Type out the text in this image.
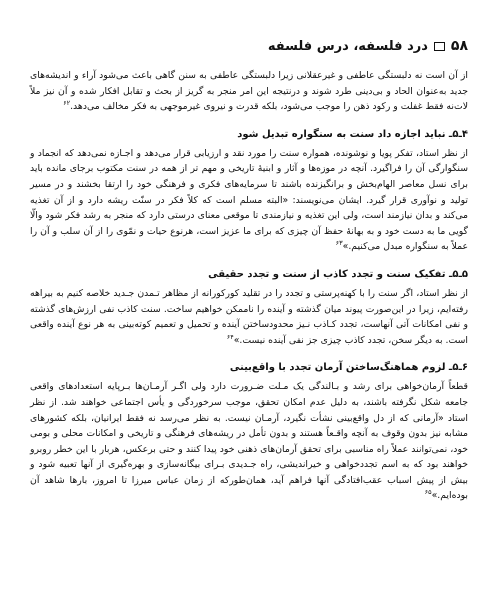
۵۸
درد فلسفه، درس فلسفه

از آن است نه دلبستگی عاطفی و غیرعقلانی زیرا دلبستگی عاطفی به سنن گاهی باعث می‌شود آراء و اندیشه‌های جدید به‌عنوان الحاد و بی‌دینی طرد شوند و درنتیجه این امر منجر به گریز از بحث و تقابل افکار شده و آن نیز ملاً لا‌ت‌نه فقط غفلت و رکود ذهن را موجب می‌شود، بلکه قدرت و نیروی غیرموجهی به فکر مخالف می‌دهد.$^{۶۲}$

۴ـ۵ـ نباید اجازه داد سنت به سنگواره تبدیل شود

از نظر استاد، تفکر پویا و نوشونده، همواره سنت را مورد نقد و ارزیابی قرار می‌دهد و اجـازه نمی‌دهد که انجماد و سنگوارگی آن را فراگیرد. آنچه در موزه‌ها و آثار و ابنیهٔ تاریخی و مهم تر از همه در سنت مکتوب برجای مانده باید برای نسل معاصر الهام‌بخش و برانگیزنده باشند تا سرمایه‌های فکری و فرهنگی خود را ارتقا بخشند و در مسیر تولید و نوآوری قرار گیرد. ایشان می‌نویسند: «البته مسلم است که کلاً فکر در سنّت ریشه دارد و از آن تغذیه می‌کند و بدان نیازمند است، ولی این تغذیه و نیازمندی تا موقعی معنای درستی دارد که منجر به رشد فکر شود والّا گویی ما به دست خود و به بهانهٔ حفظ آن چیزی که برای ما عزیز است، هرنوع حیات و نمّوی را از آن سلب و آن را عملاً به سنگواره مبدل می‌کنیم.»$^{۶۳}$

۵ـ۵ـ تفکیک سنت و تجدد کاذب از سنت و تجدد حقیقی

از نظر استاد، اگر سنت را با کهنه‌پرستی و تجدد را در تقلید کورکورانه از مظاهر تـمدن جـدید خلاصه کنیم به بیراهه رفته‌ایم، زیرا در این‌صورت پیوند میان گذشته و آینده را ناممکن خواهیم ساخت. سنت کاذب نفی ارزش‌های گذشته و نفی امکانات آتی آنهاست، تجدد کـاذب نـیز محدودساختن آینده و تحمیل و تعمیم کوته‌بینی به هر نوع آینده واقعی است. به دیگر سخن، تجدد کاذب چیزی جز نفی آینده نیست.»$^{۶۴}$

۶ـ۵ـ لزوم هماهنگ‌ساختن آرمان تجدد با واقع‌بینی

قطعاً آرمان‌خواهی برای رشد و بـالندگی یک مـلت ضـرورت دارد ولی اگـر آرمـان‌ها بـرپایه استعدادهای واقعی جامعه شکل نگرفته باشند، به دلیل عدم امکان تحقق، موجب سرخوردگی و یأس اجتماعی خواهند شد. از نظر استاد «آرمانی که از دل واقع‌بینی نشأت نگیرد، آرمـان نیست. به نظر می‌رسد نه فقط ایرانیان، بلکه کشورهای مشابه نیز بدون وقوف به آنچه واقـعاً هستند و بدون تأمل در ریشه‌های فرهنگی و تاریخی و امکانات محلی و بومی خود، نمی‌توانند عملاً راه مناسبی برای تحقق آرمان‌های ذهنی خود پیدا کنند و حتی برعکس، هربار با این خطر روبرو خواهند بود که به اسم تجددخواهی و خیراندیشی، راه جـدیدی بـرای بیگانه‌سازی و بهره‌گیری از آنها تعبیه شود و بیش از پیش اسباب عقب‌افتادگی آنها فراهم آید، همان‌طورکه از زمان عباس میرزا تا امروز، بارها شاهد آن بوده‌ایم.»$^{۶۵}$
